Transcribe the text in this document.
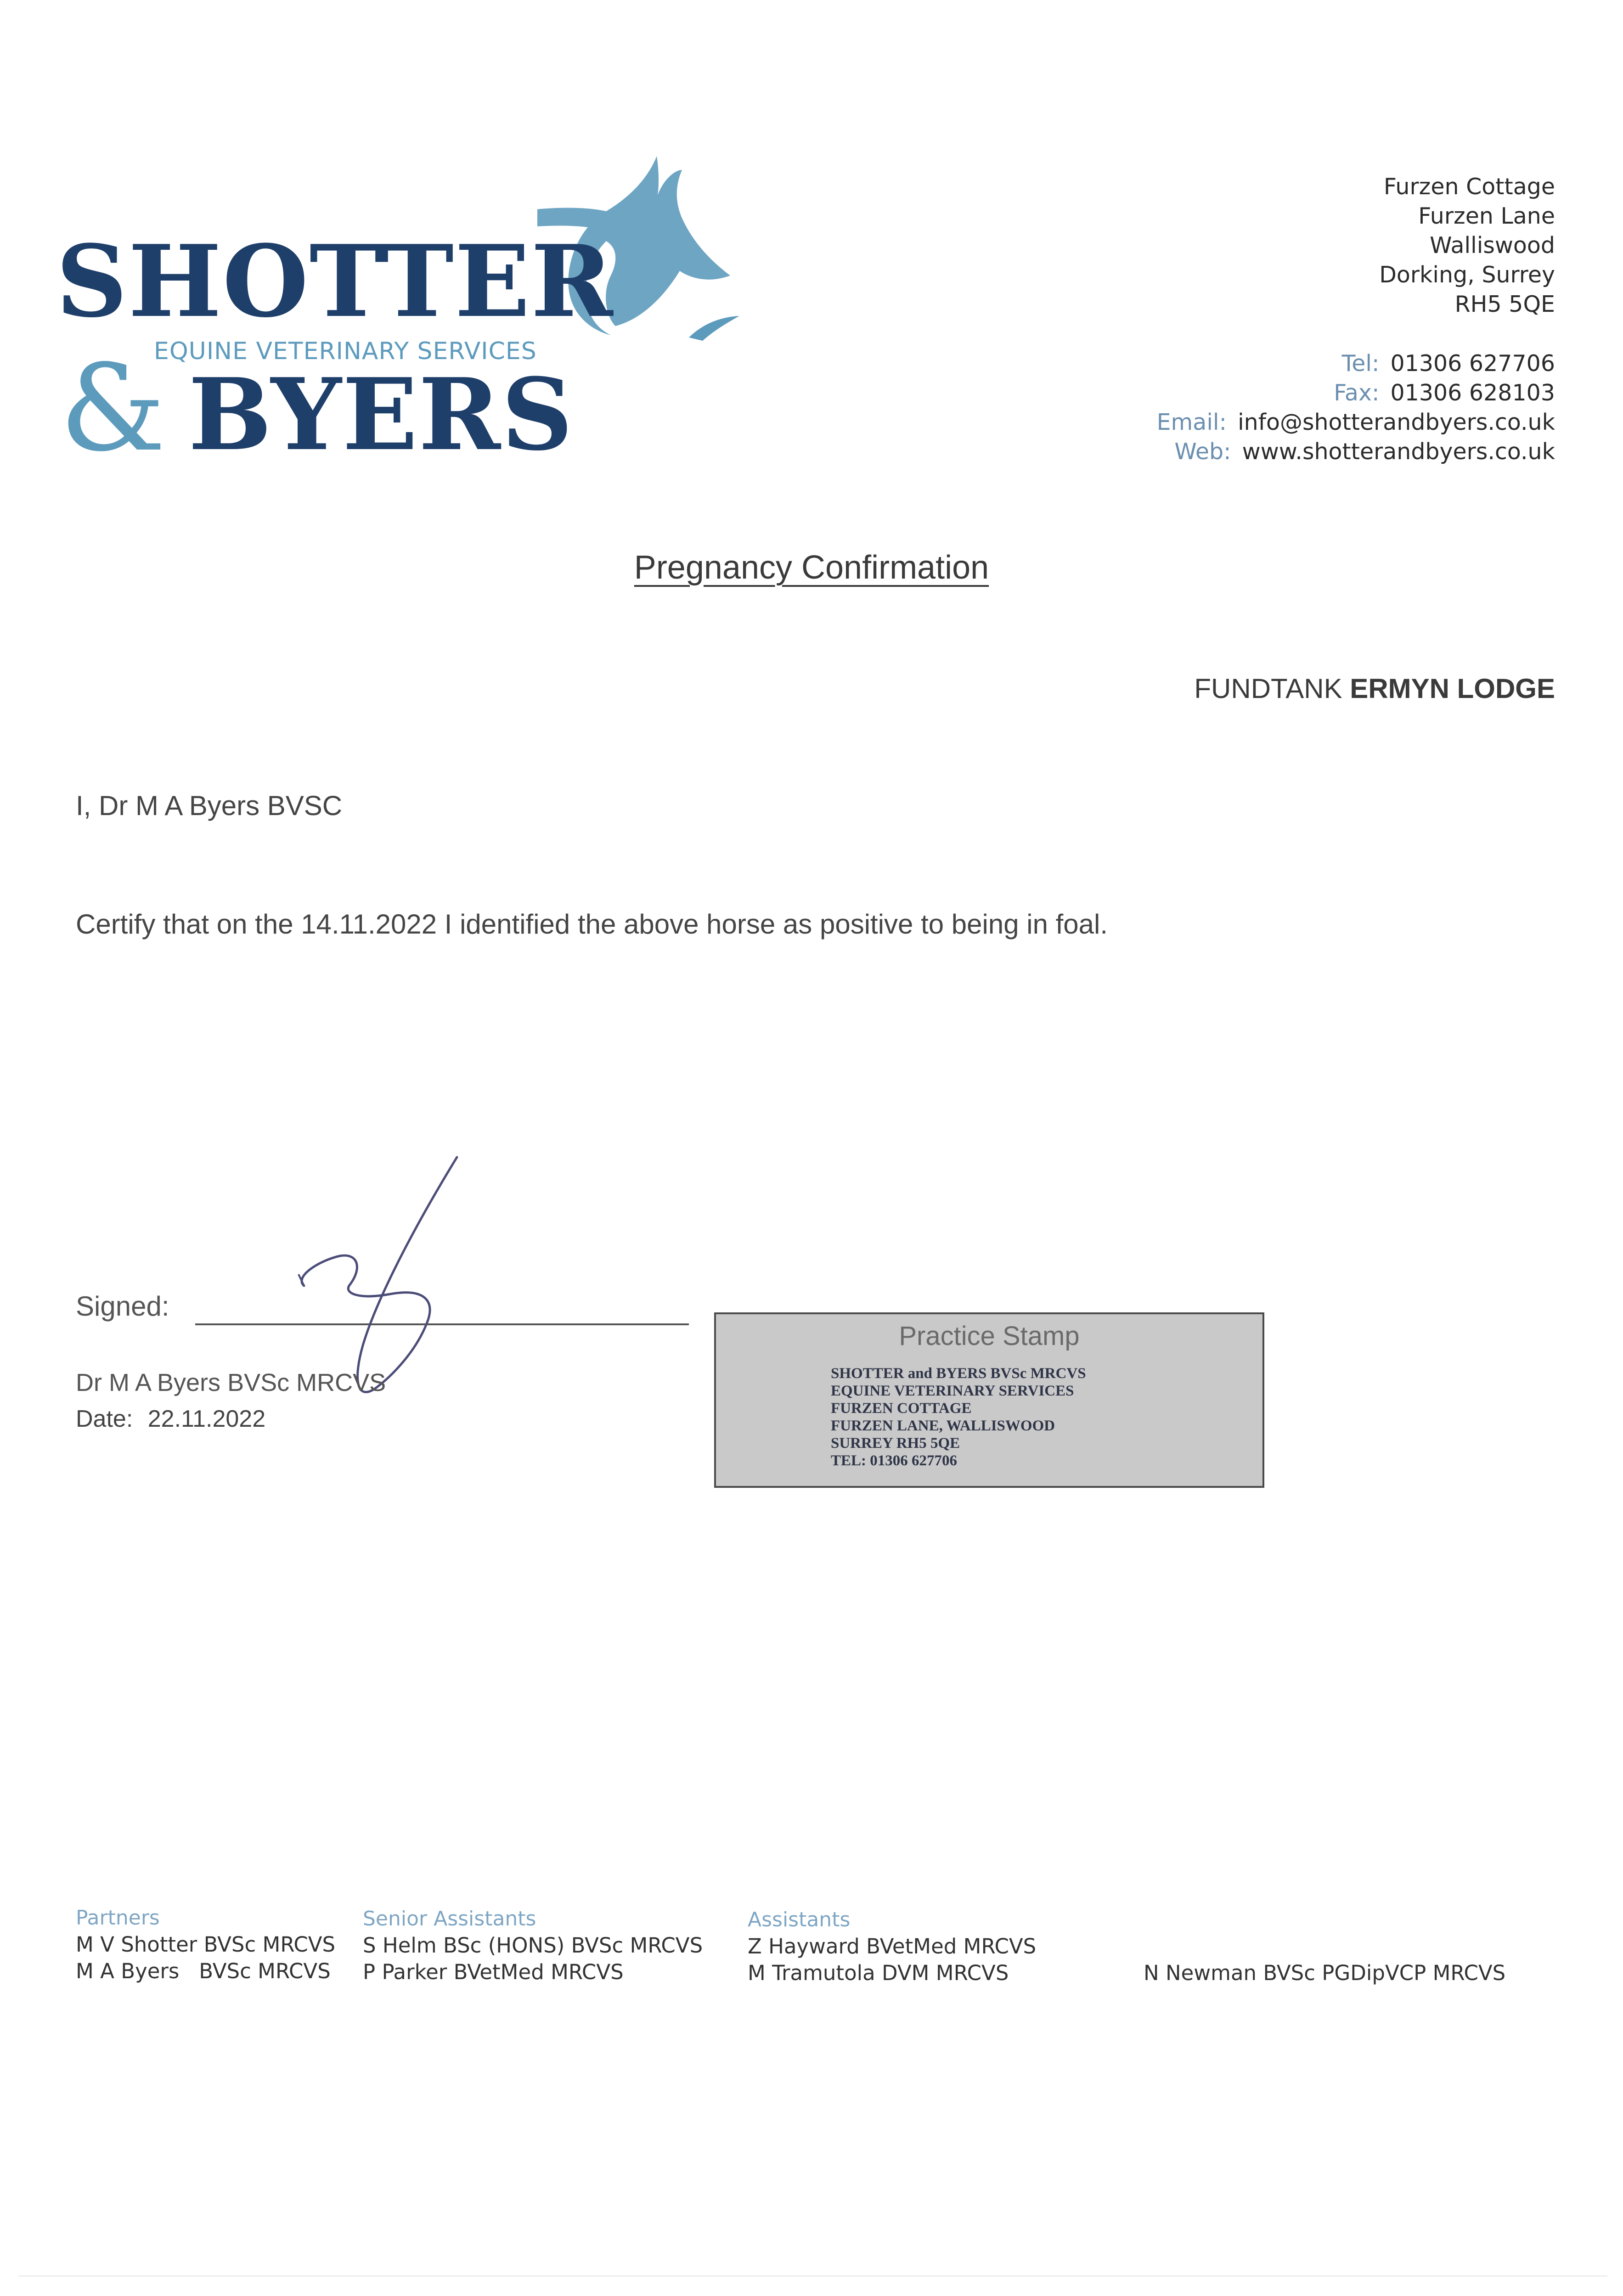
SHOTTER
EQUINE VETERINARY SERVICES
& BYERS
Furzen Cottage
Furzen Lane
Walliswood
Dorking, Surrey
RH5 5QE
Tel: 01306 627706
Fax: 01306 628103
Email: info@shotterandbyers.co.uk
Web: www.shotterandbyers.co.uk
Pregnancy Confirmation
FUNDTANK ERMYN LODGE
I, Dr M A Byers BVSC
Certify that on the 14.11.2022 I identified the above horse as positive to being in foal.
Signed:
Dr M A Byers BVSc MRCVS
Date: 22.11.2022
Practice Stamp
SHOTTER and BYERS BVSc MRCVS
EQUINE VETERINARY SERVICES
FURZEN COTTAGE
FURZEN LANE, WALLISWOOD
SURREY RH5 5QE
TEL: 01306 627706
Partners
M V Shotter BVSc MRCVS
M A Byers   BVSc MRCVS
Senior Assistants
S Helm BSc (HONS) BVSc MRCVS
P Parker BVetMed MRCVS
Assistants
Z Hayward BVetMed MRCVS
M Tramutola DVM MRCVS	N Newman BVSc PGDipVCP MRCVS
